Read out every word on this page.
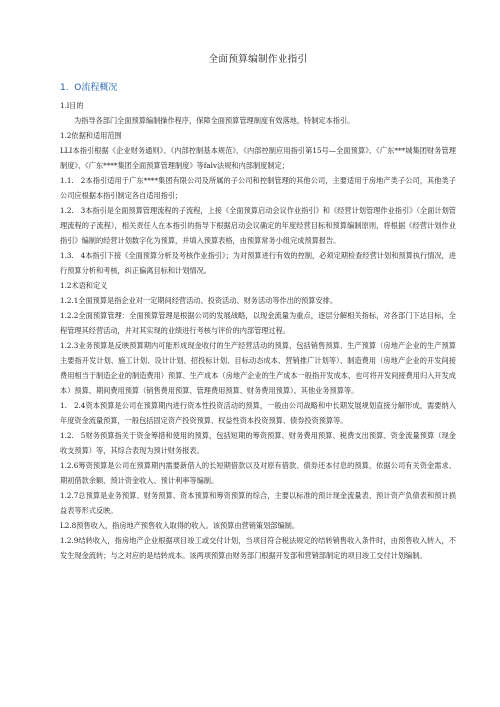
全面预算编制作业指引
1.  O流程概况
1.l目的
为指导各部门全面预算编制操作程序，保障全面预算管理制度有效落地，特制定本指引。
1.2依据和适用范围
LLI本指引根据《企业财务通则》、《内部控制基本规范》、《内部控制应用指引第15号—全面预算》、《广东***城集团财务管理制度》、《广东****集团全面预算管理制度》等falv法规和内部制度制定；
1.1.   2本指引适用于广东****集团有限公司及所属的子公司和控制管理的其他公司，主要适用于房地产类子公司，其他类子公司应根据本指引制定各自适用指引；
1.2.   3本指引是全面预算管理流程的子流程，上接《全面预算启动会议作业指引》和《经营计划管理作业指引》（全面计划管理流程的子流程），相关责任人在本指引的指导下根据启动会议确定的年度经营目标和预算编制原则，将根据《经营计划作业指引》编制的经营计划数字化为预算，并填入预算表格，由预算常务小组完成预算报告。
1.3.   4本指引下接《全面预算分析及考核作业指引》；为对预算进行有效的控制，必须定期检查经营计划和预算执行情况，进行预算分析和考核，纠正偏离目标和计划情况。
1.2术语和定义
1.2.1全面预算是指企业对一定期间经营活动、投资活动、财务活动等作出的预算安排。
1.2.2全面预算管理：全面预算管理是根据公司的发展战略，以现金流量为重点，逐层分解相关指标，对各部门下达目标，全程管理其经营活动，并对其实现的业绩进行考核与评价的内部管理过程。
1.2.3业务预算是反映预算期内可能形成现金收付的生产经营活动的预算，包括销售预算、生产预算（房地产企业的生产预算主要指开发计划、施工计划、设计计划、招投标计划、目标动态成本、营销推广计划等）、制造费用（房地产企业的开发间接费用相当于制造企业的制造费用）预算、生产成本（房地产企业的生产成本一般指开发成本，也可将开发间接费用归入开发成本）预算、期间费用预算（销售费用预算、管理费用预算、财务费用预算）、其他业务预算等。
1.   2.4资本预算是公司在预算期内进行资本性投资活动的预算，一般由公司战略和中长期发展规划直接分解形成，需要纳入年度资金流量预算，一般包括固定资产投资预算、权益性资本投资预算、债券投资预算等。
1.2.   5财务预算指关于资金筹措和使用的预算，包括短期的筹资预算、财务费用预算、税费支出预算、资金流量预算（现金收支预算）等，其综合表现为预计财务报表。
1.2.6筹资预算是公司在预算期内需要新借入的长短期借款以及对原有借款、债券还本付息的预算，依据公司有关资金需求、期初借款余额、预计资金收入、预计利率等编制。
1.2.7总预算是业务预算、财务预算、资本预算和筹资预算的综合，主要以标准的预计现金流量表、预计资产负债表和预计损益表等形式反映。
L2.8预售收入，指房地产预售收入取得的收入。该预算由营销策划部编制。
1.2.9结转收入，指房地产企业根据项目竣工或交付计划，当项目符合税法规定的结转销售收入条件时，由预售收入转入，不发生现金流转；与之对应的是结转成本。该两项预算由财务部门根据开发部和营销部制定的项目竣工交付计划编制。
